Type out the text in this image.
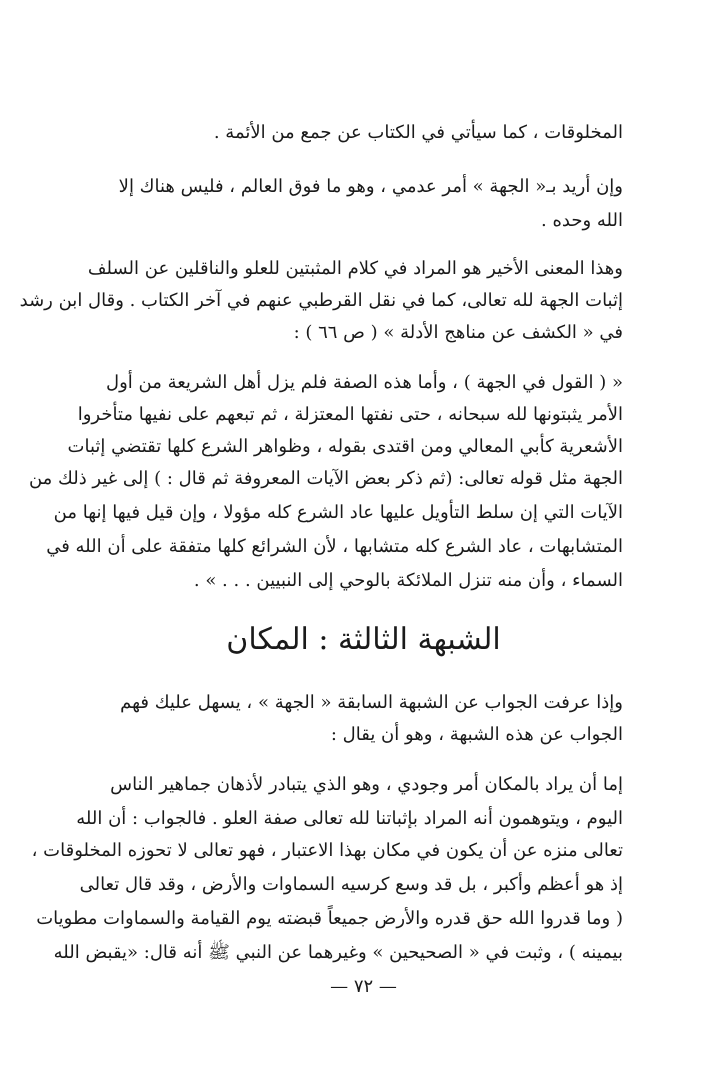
المخلوقات ، كما سيأتي في الكتاب عن جمع من الأئمة .
وإن أريد بـ« الجهة » أمر عدمي ، وهو ما فوق العالم ، فليس هناك إلا
الله وحده .
وهذا المعنى الأخير هو المراد في كلام المثبتين للعلو والناقلين عن السلف
إثبات الجهة لله تعالى، كما في نقل القرطبي عنهم في آخر الكتاب . وقال ابن رشد
في « الكشف عن مناهج الأدلة » ( ص ٦٦ ) :
« ( القول في الجهة ) ، وأما هذه الصفة فلم يزل أهل الشريعة من أول
الأمر يثبتونها لله سبحانه ، حتى نفتها المعتزلة ، ثم تبعهم على نفيها متأخروا
الأشعرية كأبي المعالي ومن اقتدى بقوله ، وظواهر الشرع كلها تقتضي إثبات
الجهة مثل قوله تعالى: (ثم ذكر بعض الآيات المعروفة ثم قال : ) إلى غير ذلك من
الآيات التي إن سلط التأويل عليها عاد الشرع كله مؤولا ، وإن قيل فيها إنها من
المتشابهات ، عاد الشرع كله متشابها ، لأن الشرائع كلها متفقة على أن الله في
السماء ، وأن منه تنزل الملائكة بالوحي إلى النبيين . . . » .
الشبهة الثالثة : المكان
وإذا عرفت الجواب عن الشبهة السابقة « الجهة » ، يسهل عليك فهم
الجواب عن هذه الشبهة ، وهو أن يقال :
إما أن يراد بالمكان أمر وجودي ، وهو الذي يتبادر لأذهان جماهير الناس
اليوم ، ويتوهمون أنه المراد بإثباتنا لله تعالى صفة العلو . فالجواب : أن الله
تعالى منزه عن أن يكون في مكان بهذا الاعتبار ، فهو تعالى لا تحوزه المخلوقات ،
إذ هو أعظم وأكبر ، بل قد وسع كرسيه السماوات والأرض ، وقد قال تعالى
( وما قدروا الله حق قدره والأرض جميعاً قبضته يوم القيامة والسماوات مطويات
بيمينه ) ، وثبت في « الصحيحين » وغيرهما عن النبي ﷺ أنه قال: «يقبض الله
— ٧٢ —
